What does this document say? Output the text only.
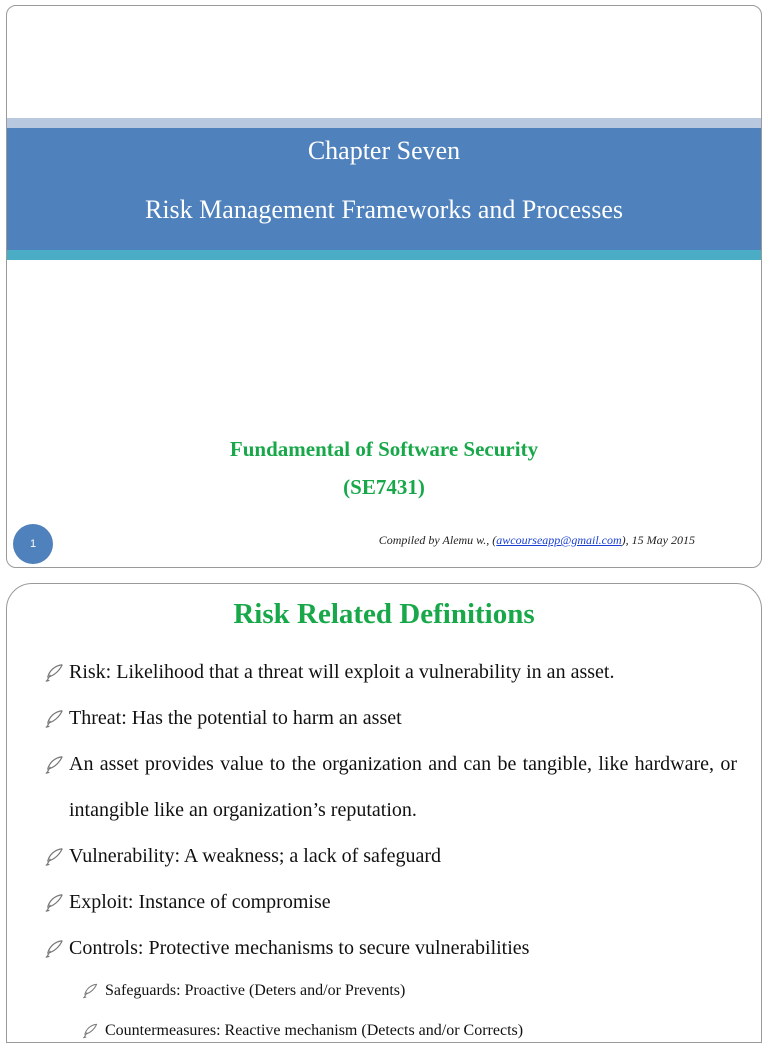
Chapter Seven
Risk Management Frameworks and Processes
Fundamental of Software Security
(SE7431)
1	Compiled by Alemu w., (awcourseapp@gmail.com), 15 May 2015
Risk Related Definitions
Risk: Likelihood that a threat will exploit a vulnerability in an asset.
Threat: Has the potential to harm an asset
An asset provides value to the organization and can be tangible, like hardware, or intangible like an organization’s reputation.
Vulnerability: A weakness; a lack of safeguard
Exploit: Instance of compromise
Controls: Protective mechanisms to secure vulnerabilities
Safeguards: Proactive (Deters and/or Prevents)
Countermeasures: Reactive mechanism (Detects and/or Corrects)
